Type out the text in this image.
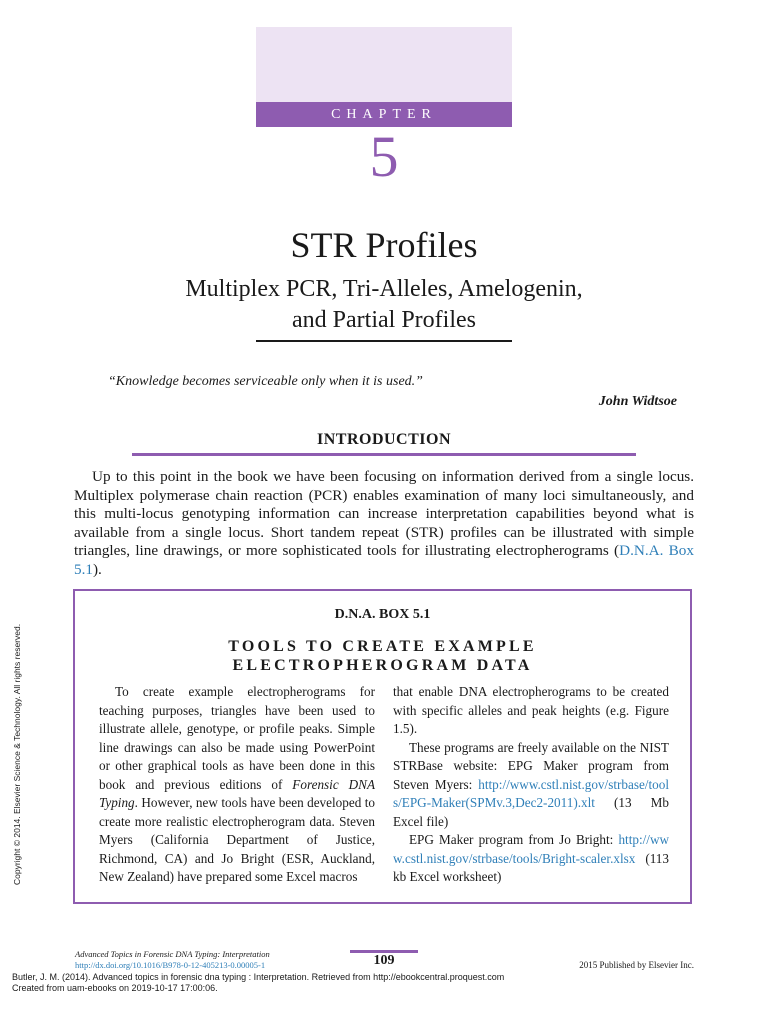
CHAPTER
5
STR Profiles
Multiplex PCR, Tri-Alleles, Amelogenin,
and Partial Profiles
“Knowledge becomes serviceable only when it is used.”
John Widtsoe
INTRODUCTION

Up to this point in the book we have been focusing on information derived from a single locus. Multiplex polymerase chain reaction (PCR) enables examination of many loci simultaneously, and this multi-locus genotyping information can increase interpretation capabilities beyond what is available from a single locus. Short tandem repeat (STR) profiles can be illustrated with simple triangles, line drawings, or more sophisticated tools for illustrating electropherograms (D.N.A. Box 5.1).

Copyright © 2014. Elsevier Science & Technology. All rights reserved.
D.N.A. BOX 5.1
TOOLS TO CREATE EXAMPLE
ELECTROPHEROGRAM DATA

To create example electropherograms for teaching purposes, triangles have been used to illustrate allele, genotype, or profile peaks. Simple line drawings can also be made using PowerPoint or other graphical tools as have been done in this book and previous editions of Forensic DNA Typing. However, new tools have been developed to create more realistic electropherogram data. Steven Myers (California Department of Justice, Richmond, CA) and Jo Bright (ESR, Auckland, New Zealand) have prepared some Excel macros

that enable DNA electropherograms to be created with specific alleles and peak heights (e.g. Figure 1.5).

These programs are freely available on the NIST STRBase website: EPG Maker program from Steven Myers: http://www.cstl.nist.gov/strbase/tools/EPG-Maker(SPMv.3,Dec2-2011).xlt (13 Mb Excel file)

EPG Maker program from Jo Bright: http://www.cstl.nist.gov/strbase/tools/Bright-scaler.xlsx (113 kb Excel worksheet)

Advanced Topics in Forensic DNA Typing: Interpretation
http://dx.doi.org/10.1016/B978-0-12-405213-0.00005-1	109	2015 Published by Elsevier Inc.
Butler, J. M. (2014). Advanced topics in forensic dna typing : Interpretation. Retrieved from http://ebookcentral.proquest.com
Created from uam-ebooks on 2019-10-17 17:00:06.
